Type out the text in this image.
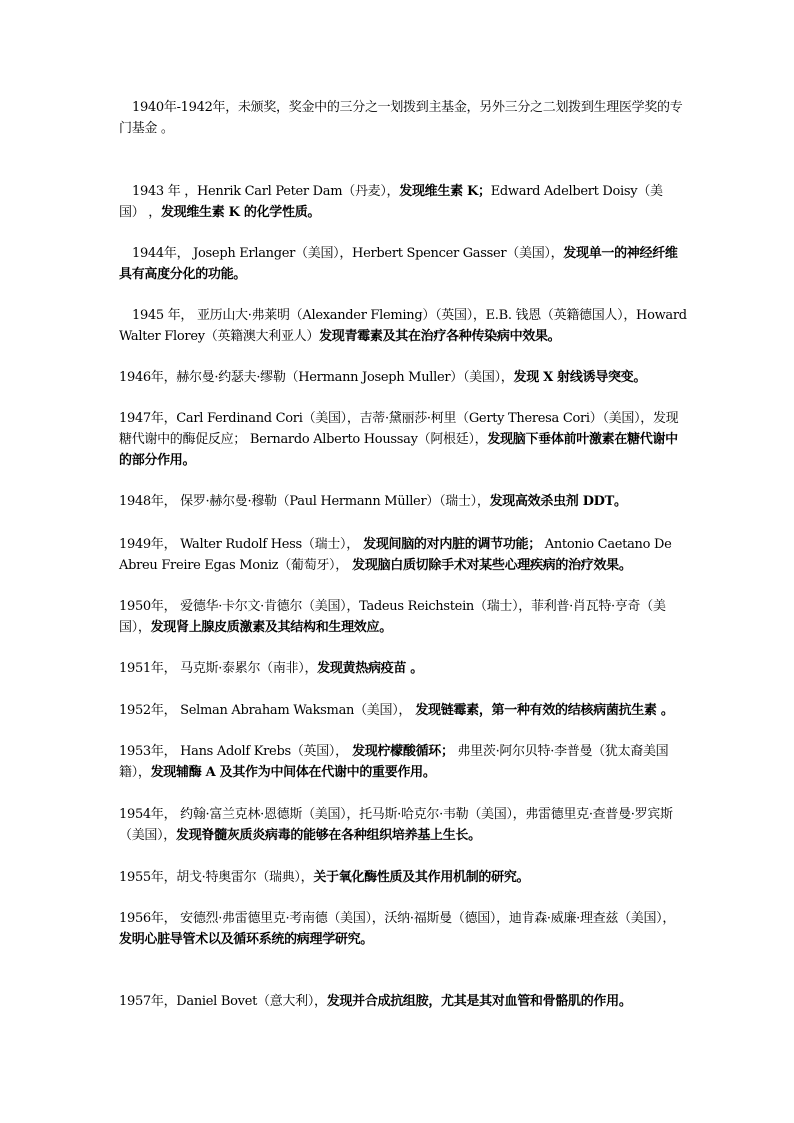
1940年-1942年，未颁奖，奖金中的三分之一划拨到主基金，另外三分之二划拨到生理医学奖的专门基金 。

1943 年 ，Henrik Carl Peter Dam（丹麦），发现维生素 K；Edward Adelbert Doisy（美国） ，发现维生素 K 的化学性质。

1944年， Joseph Erlanger（美国），Herbert Spencer Gasser（美国），发现单一的神经纤维具有高度分化的功能。

1945 年， 亚历山大·弗莱明（Alexander Fleming）（英国），E.B. 钱恩（英籍德国人），Howard Walter Florey（英籍澳大利亚人）发现青霉素及其在治疗各种传染病中效果。

1946年，赫尔曼·约瑟夫·缪勒（Hermann Joseph Muller）（美国），发现 X 射线诱导突变。

1947年，Carl Ferdinand Cori（美国），吉蒂·黛丽莎·柯里（Gerty Theresa Cori）（美国），发现糖代谢中的酶促反应； Bernardo Alberto Houssay（阿根廷），发现脑下垂体前叶激素在糖代谢中的部分作用。

1948年， 保罗·赫尔曼·穆勒（Paul Hermann Müller）（瑞士），发现高效杀虫剂 DDT。

1949年， Walter Rudolf Hess（瑞士）， 发现间脑的对内脏的调节功能； Antonio Caetano De Abreu Freire Egas Moniz（葡萄牙）， 发现脑白质切除手术对某些心理疾病的治疗效果。

1950年， 爱德华·卡尔文·肯德尔（美国），Tadeus Reichstein（瑞士），菲利普·肖瓦特·亨奇（美国），发现肾上腺皮质激素及其结构和生理效应。

1951年， 马克斯·泰累尔（南非），发现黄热病疫苗 。

1952年， Selman Abraham Waksman（美国）， 发现链霉素，第一种有效的结核病菌抗生素 。

1953年， Hans Adolf Krebs（英国）， 发现柠檬酸循环； 弗里茨·阿尔贝特·李普曼（犹太裔美国籍），发现辅酶 A 及其作为中间体在代谢中的重要作用。

1954年， 约翰·富兰克林·恩德斯（美国），托马斯·哈克尔·韦勒（美国），弗雷德里克·查普曼·罗宾斯（美国），发现脊髓灰质炎病毒的能够在各种组织培养基上生长。

1955年，胡戈·特奥雷尔（瑞典），关于氧化酶性质及其作用机制的研究。

1956年， 安德烈·弗雷德里克·考南德（美国），沃纳·福斯曼（德国），迪肯森·威廉·理查兹（美国），发明心脏导管术以及循环系统的病理学研究。

1957年，Daniel Bovet（意大利），发现并合成抗组胺，尤其是其对血管和骨骼肌的作用。
